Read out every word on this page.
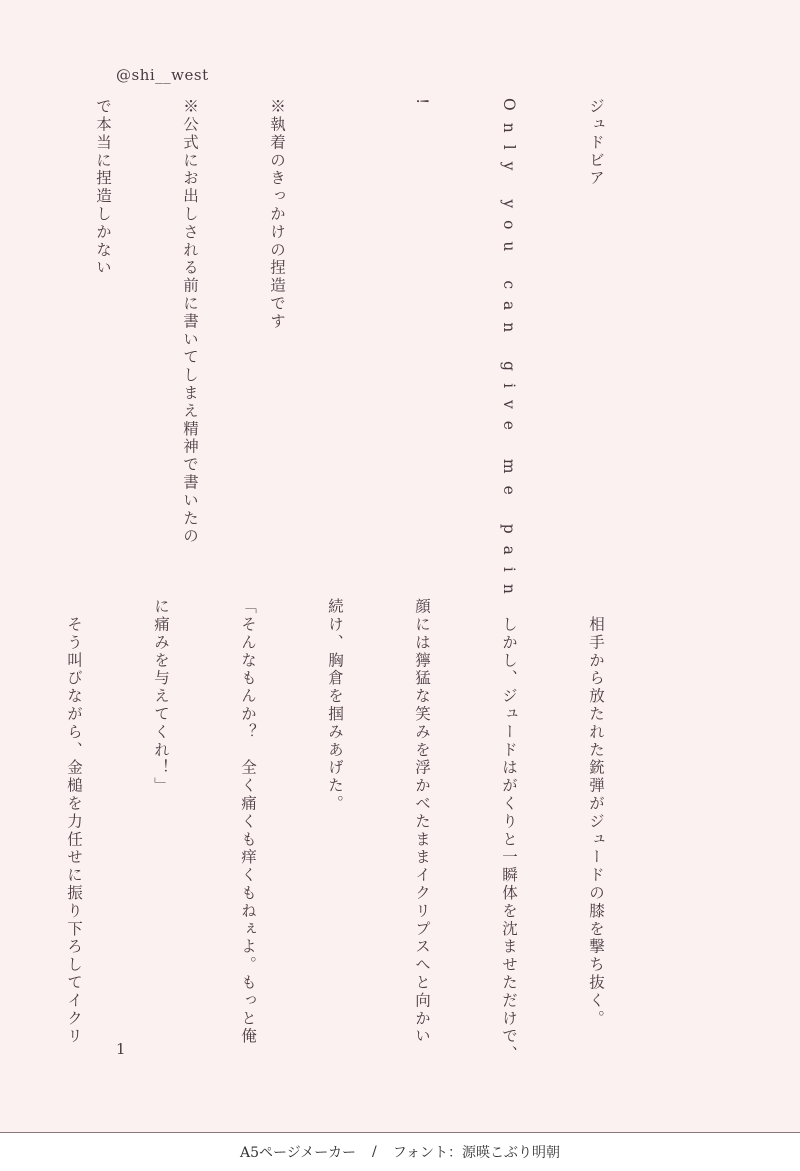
@shi__west

ジュドビア

Only you can give me pain

!

※執着のきっかけの捏造です

※公式にお出しされる前に書いてしまえ精神で書いたの

で本当に捏造しかない

　相手から放たれた銃弾がジュードの膝を撃ち抜く。

　しかし、ジュードはがくりと一瞬体を沈ませただけで、

顔には獰猛な笑みを浮かべたままイクリプスへと向かい

続け、胸倉を掴みあげた。

「そんなもんか？　全く痛くも痒くもねぇよ。もっと俺

に痛みを与えてくれ！」

　そう叫びながら、金槌を力任せに振り下ろしてイクリ

1
A5ページメーカー / フォント：源暎こぶり明朝
